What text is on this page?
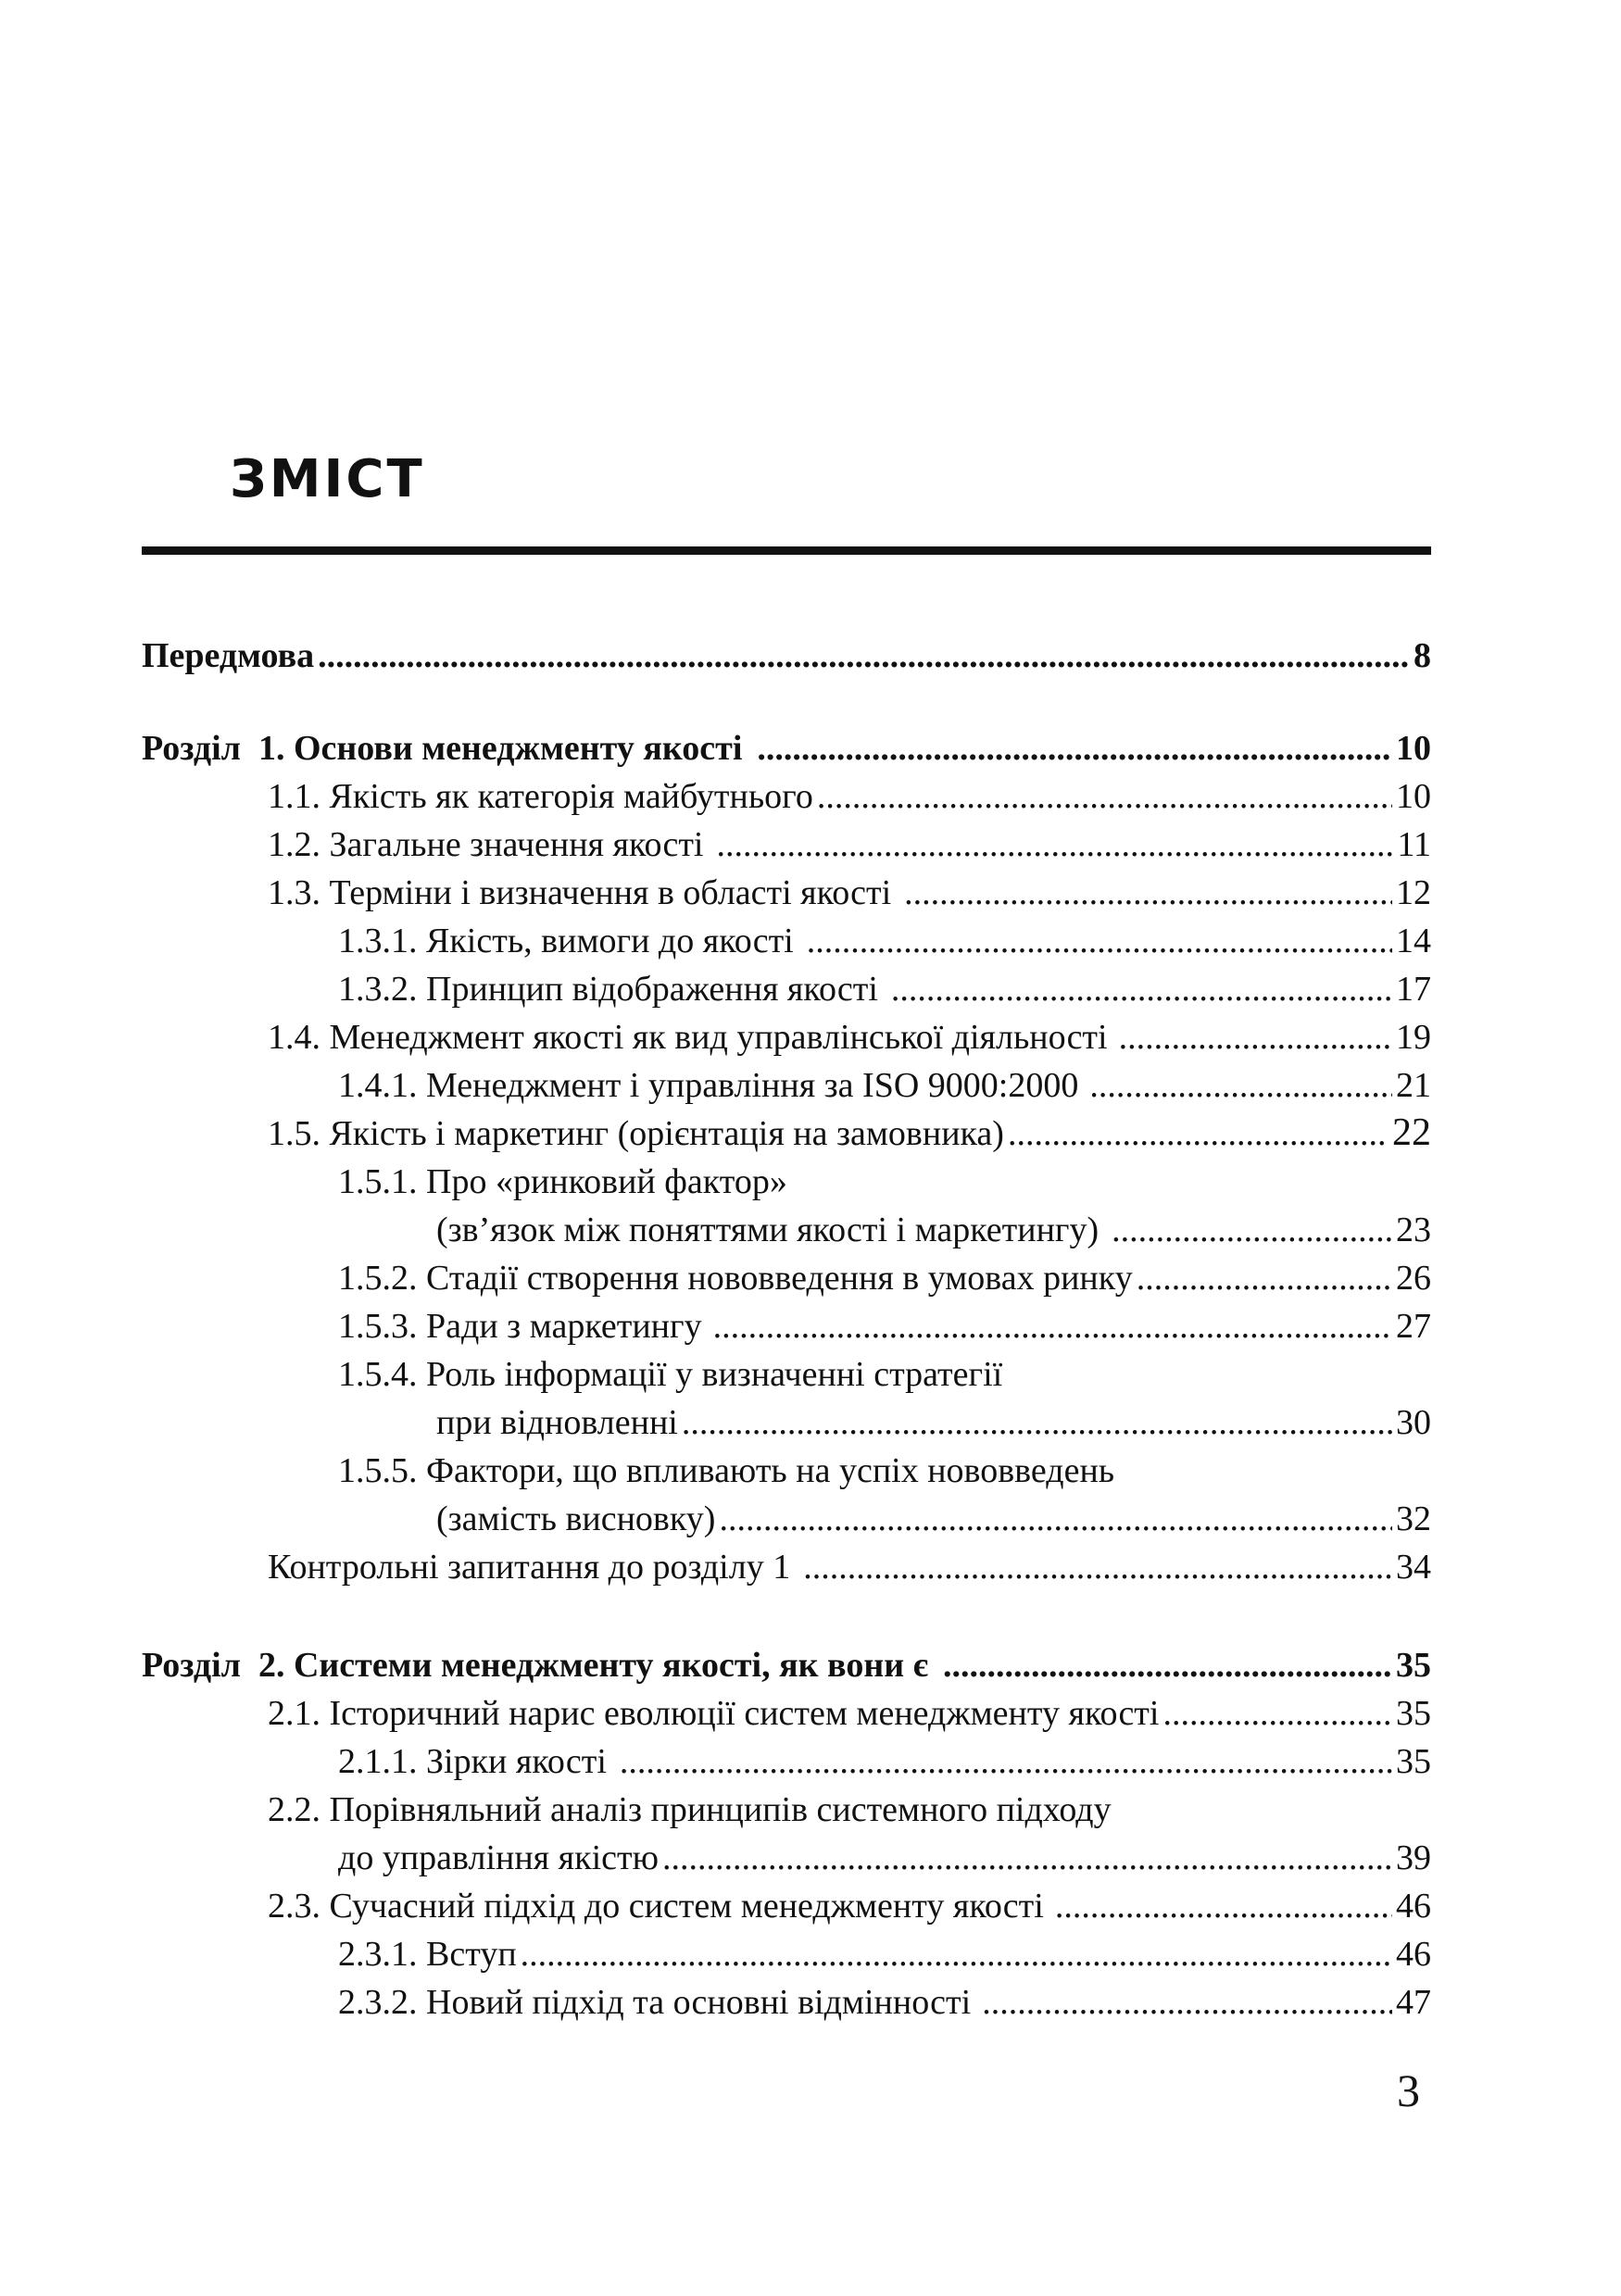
ЗМІСТ
Передмова .....	8
Розділ  1. Основи менеджменту якості .....	10
1.1. Якість як категорія майбутнього .....	10
1.2. Загальне значення якості .....	11
1.3. Терміни і визначення в області якості .....	12
1.3.1. Якість, вимоги до якості .....	14
1.3.2. Принцип відображення якості .....	17
1.4. Менеджмент якості як вид управлінської діяльності .....	19
1.4.1. Менеджмент і управління за ISO 9000:2000 .....	21
1.5. Якість і маркетинг (орієнтація на замовника) .....	22
1.5.1. Про «ринковий фактор»
(зв’язок між поняттями якості і маркетингу) .....	23
1.5.2. Стадії створення нововведення в умовах ринку .....	26
1.5.3. Ради з маркетингу .....	27
1.5.4. Роль інформації у визначенні стратегії
при відновленні .....	30
1.5.5. Фактори, що впливають на успіх нововведень
(замість висновку) .....	32
Контрольні запитання до розділу 1 .....	34
Розділ  2. Системи менеджменту якості, як вони є .....	35
2.1. Історичний нарис еволюції систем менеджменту якості .....	35
2.1.1. Зірки якості .....	35
2.2. Порівняльний аналіз принципів системного підходу
до управління якістю .....	39
2.3. Сучасний підхід до систем менеджменту якості .....	46
2.3.1. Вступ .....	46
2.3.2. Новий підхід та основні відмінності .....	47
3
